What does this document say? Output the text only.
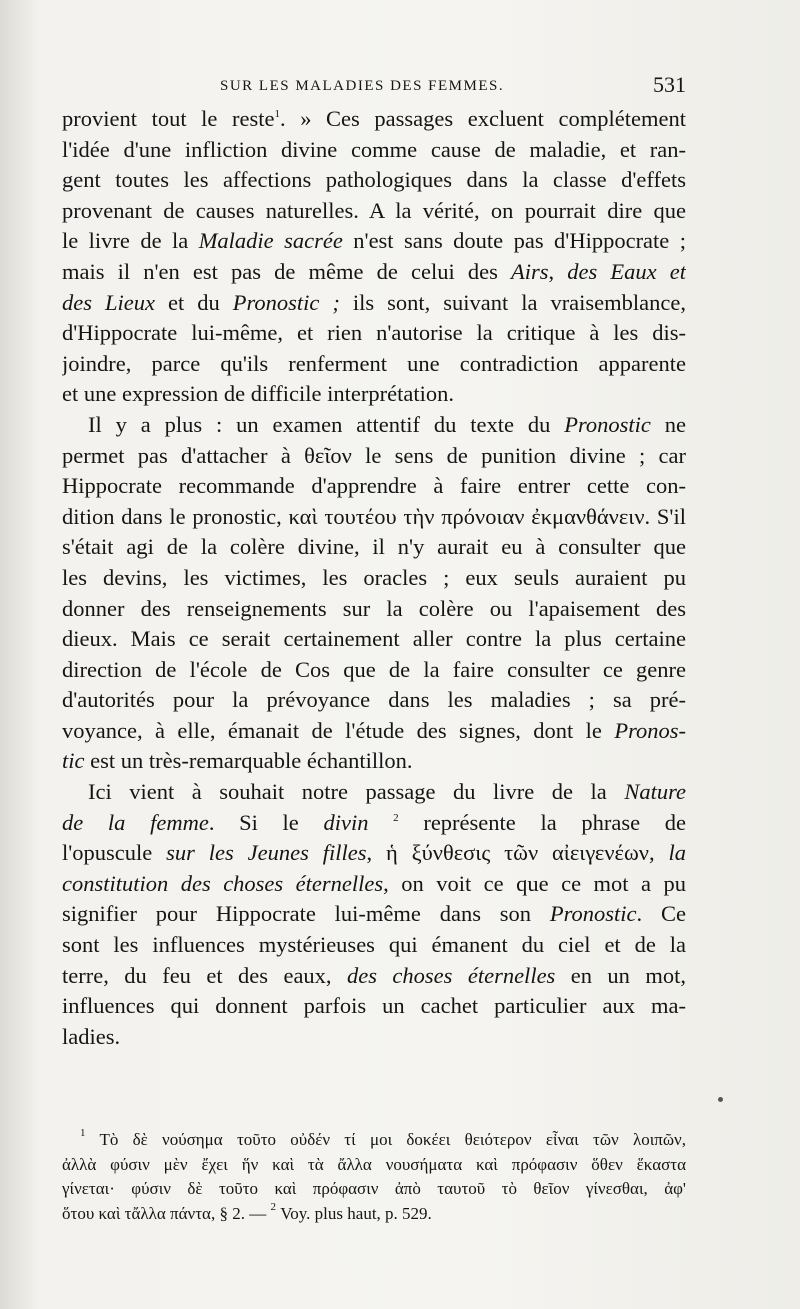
SUR LES MALADIES DES FEMMES.	531
provient tout le reste$^1$. » Ces passages excluent complétement
l'idée d'une infliction divine comme cause de maladie, et ran-
gent toutes les affections pathologiques dans la classe d'effets
provenant de causes naturelles. A la vérité, on pourrait dire que
le livre de la Maladie sacrée n'est sans doute pas d'Hippocrate ;
mais il n'en est pas de même de celui des Airs, des Eaux et
des Lieux et du Pronostic ; ils sont, suivant la vraisemblance,
d'Hippocrate lui-même, et rien n'autorise la critique à les dis-
joindre, parce qu'ils renferment une contradiction apparente
et une expression de difficile interprétation.
Il y a plus : un examen attentif du texte du Pronostic ne
permet pas d'attacher à θεῖον le sens de punition divine ; car
Hippocrate recommande d'apprendre à faire entrer cette con-
dition dans le pronostic, καὶ τουτέου τὴν πρόνοιαν ἐκμανθάνειν. S'il
s'était agi de la colère divine, il n'y aurait eu à consulter que
les devins, les victimes, les oracles ; eux seuls auraient pu
donner des renseignements sur la colère ou l'apaisement des
dieux. Mais ce serait certainement aller contre la plus certaine
direction de l'école de Cos que de la faire consulter ce genre
d'autorités pour la prévoyance dans les maladies ; sa pré-
voyance, à elle, émanait de l'étude des signes, dont le Pronos-
tic est un très-remarquable échantillon.
Ici vient à souhait notre passage du livre de la Nature
de la femme. Si le divin $^2$ représente la phrase de
l'opuscule sur les Jeunes filles, ἡ ξύνθεσις τῶν αἰειγενέων, la
constitution des choses éternelles, on voit ce que ce mot a pu
signifier pour Hippocrate lui-même dans son Pronostic. Ce
sont les influences mystérieuses qui émanent du ciel et de la
terre, du feu et des eaux, des choses éternelles en un mot,
influences qui donnent parfois un cachet particulier aux ma-
ladies.
$^1$ Τὸ δὲ νούσημα τοῦτο οὐδέν τί μοι δοκέει θειότερον εἶναι τῶν λοιπῶν,
ἀλλὰ φύσιν μὲν ἔχει ἥν καὶ τὰ ἄλλα νουσήματα καὶ πρόφασιν ὅθεν ἕκαστα
γίνεται· φύσιν δὲ τοῦτο καὶ πρόφασιν ἀπὸ ταυτοῦ τὸ θεῖον γίνεσθαι, ἀφ'
ὅτου καὶ τἄλλα πάντα, § 2. — $^2$ Voy. plus haut, p. 529.
